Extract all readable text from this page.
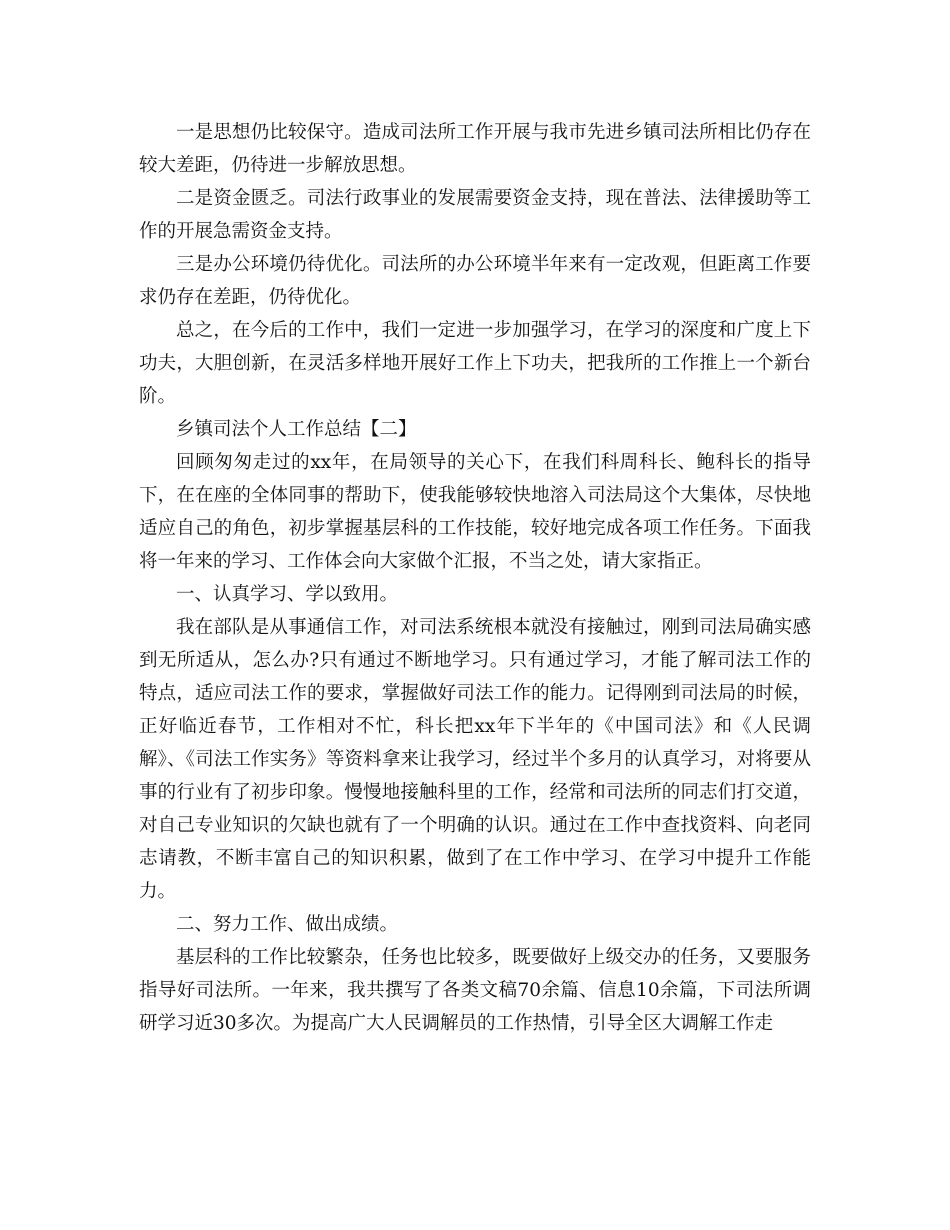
一是思想仍比较保守。造成司法所工作开展与我市先进乡镇司法所相比仍存在较大差距，仍待进一步解放思想。

二是资金匮乏。司法行政事业的发展需要资金支持，现在普法、法律援助等工作的开展急需资金支持。

三是办公环境仍待优化。司法所的办公环境半年来有一定改观，但距离工作要求仍存在差距，仍待优化。

总之，在今后的工作中，我们一定进一步加强学习，在学习的深度和广度上下功夫，大胆创新，在灵活多样地开展好工作上下功夫，把我所的工作推上一个新台阶。

乡镇司法个人工作总结【二】

回顾匆匆走过的xx年，在局领导的关心下，在我们科周科长、鲍科长的指导下，在在座的全体同事的帮助下，使我能够较快地溶入司法局这个大集体，尽快地适应自己的角色，初步掌握基层科的工作技能，较好地完成各项工作任务。下面我将一年来的学习、工作体会向大家做个汇报，不当之处，请大家指正。

一、认真学习、学以致用。

我在部队是从事通信工作，对司法系统根本就没有接触过，刚到司法局确实感到无所适从，怎么办?只有通过不断地学习。只有通过学习，才能了解司法工作的特点，适应司法工作的要求，掌握做好司法工作的能力。记得刚到司法局的时候，正好临近春节，工作相对不忙，科长把xx年下半年的《中国司法》和《人民调解》、《司法工作实务》等资料拿来让我学习，经过半个多月的认真学习，对将要从事的行业有了初步印象。慢慢地接触科里的工作，经常和司法所的同志们打交道，对自己专业知识的欠缺也就有了一个明确的认识。通过在工作中查找资料、向老同志请教，不断丰富自己的知识积累，做到了在工作中学习、在学习中提升工作能力。

二、努力工作、做出成绩。

基层科的工作比较繁杂，任务也比较多，既要做好上级交办的任务，又要服务指导好司法所。一年来，我共撰写了各类文稿70余篇、信息10余篇，下司法所调研学习近30多次。为提高广大人民调解员的工作热情，引导全区大调解工作走
